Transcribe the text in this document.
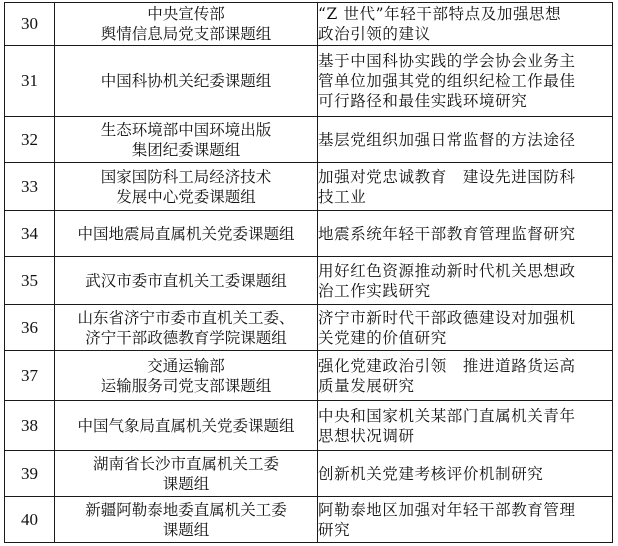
30	中央宣传部
舆情信息局党支部课题组	“Z 世代”年轻干部特点及加强思想
政治引领的建议

31	中国科协机关纪委课题组	基于中国科协实践的学会协会业务主
管单位加强其党的组织纪检工作最佳
可行路径和最佳实践环境研究

32	生态环境部中国环境出版
集团纪委课题组	基层党组织加强日常监督的方法途径

33	国家国防科工局经济技术
发展中心党委课题组	加强对党忠诚教育　建设先进国防科
技工业

34	中国地震局直属机关党委课题组	地震系统年轻干部教育管理监督研究

35	武汉市委市直机关工委课题组	用好红色资源推动新时代机关思想政
治工作实践研究

36	山东省济宁市委市直机关工委、
济宁干部政德教育学院课题组	济宁市新时代干部政德建设对加强机
关党建的价值研究

37	交通运输部
运输服务司党支部课题组	强化党建政治引领　推进道路货运高
质量发展研究

38	中国气象局直属机关党委课题组	中央和国家机关某部门直属机关青年
思想状况调研

39	湖南省长沙市直属机关工委
课题组	创新机关党建考核评价机制研究

40	新疆阿勒泰地委直属机关工委
课题组	阿勒泰地区加强对年轻干部教育管理
研究
